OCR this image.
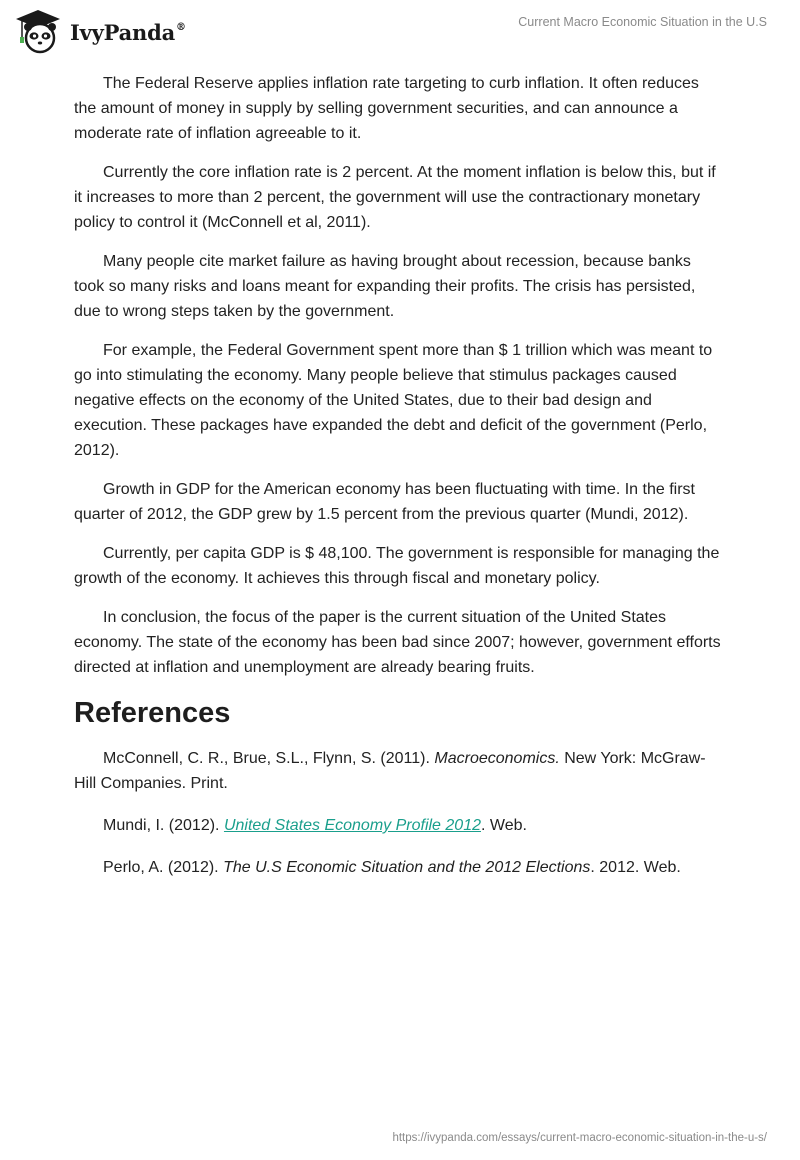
IvyPanda®	Current Macro Economic Situation in the U.S

The Federal Reserve applies inflation rate targeting to curb inflation. It often reduces the amount of money in supply by selling government securities, and can announce a moderate rate of inflation agreeable to it.

Currently the core inflation rate is 2 percent. At the moment inflation is below this, but if it increases to more than 2 percent, the government will use the contractionary monetary policy to control it (McConnell et al, 2011).

Many people cite market failure as having brought about recession, because banks took so many risks and loans meant for expanding their profits. The crisis has persisted, due to wrong steps taken by the government.

For example, the Federal Government spent more than $ 1 trillion which was meant to go into stimulating the economy. Many people believe that stimulus packages caused negative effects on the economy of the United States, due to their bad design and execution. These packages have expanded the debt and deficit of the government (Perlo, 2012).

Growth in GDP for the American economy has been fluctuating with time. In the first quarter of 2012, the GDP grew by 1.5 percent from the previous quarter (Mundi, 2012).

Currently, per capita GDP is $ 48,100. The government is responsible for managing the growth of the economy. It achieves this through fiscal and monetary policy.

In conclusion, the focus of the paper is the current situation of the United States economy. The state of the economy has been bad since 2007; however, government efforts directed at inflation and unemployment are already bearing fruits.

References

McConnell, C. R., Brue, S.L., Flynn, S. (2011). Macroeconomics. New York: McGraw-Hill Companies. Print.

Mundi, I. (2012). United States Economy Profile 2012. Web.

Perlo, A. (2012). The U.S Economic Situation and the 2012 Elections. 2012. Web.

https://ivypanda.com/essays/current-macro-economic-situation-in-the-u-s/
